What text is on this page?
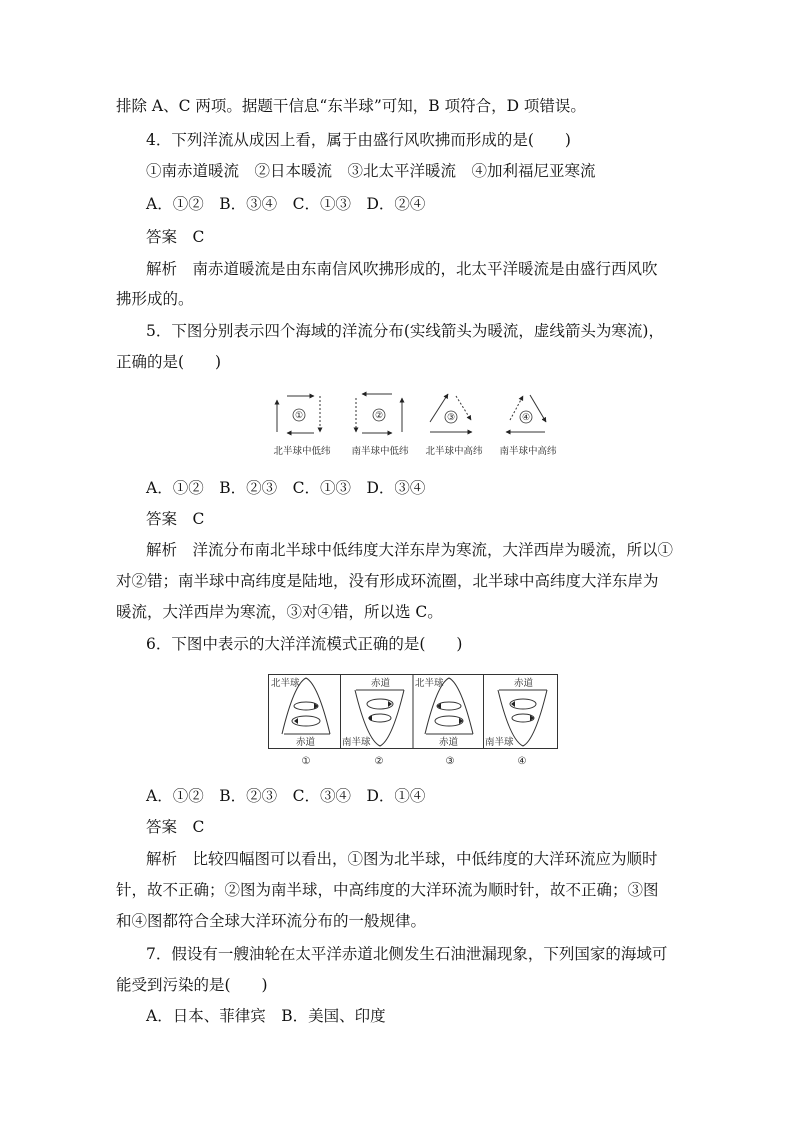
排除 A、C 两项。据题干信息“东半球”可知，B 项符合，D 项错误。
4．下列洋流从成因上看，属于由盛行风吹拂而形成的是(　　)
①南赤道暖流　②日本暖流　③北太平洋暖流　④加利福尼亚寒流
A．①②　B．③④　C．①③　D．②④
答案　C
解析　南赤道暖流是由东南信风吹拂形成的，北太平洋暖流是由盛行西风吹
拂形成的。
5．下图分别表示四个海域的洋流分布(实线箭头为暖流，虚线箭头为寒流)，
正确的是(　　)
①	②	③	④
北半球中低纬 南半球中低纬 北半球中高纬 南半球中高纬
A．①②　B．②③　C．①③　D．③④
答案　C
解析　洋流分布南北半球中低纬度大洋东岸为寒流，大洋西岸为暖流，所以①
对②错；南半球中高纬度是陆地，没有形成环流圈，北半球中高纬度大洋东岸为
暖流，大洋西岸为寒流，③对④错，所以选 C。
6．下图中表示的大洋洋流模式正确的是(　　)
北半球
赤道
赤道
南半球
北半球
赤道
赤道
南半球
①	②	③	④
A．①②　B．②③　C．③④　D．①④
答案　C
解析　比较四幅图可以看出，①图为北半球，中低纬度的大洋环流应为顺时
针，故不正确；②图为南半球，中高纬度的大洋环流为顺时针，故不正确；③图
和④图都符合全球大洋环流分布的一般规律。
7．假设有一艘油轮在太平洋赤道北侧发生石油泄漏现象，下列国家的海域可
能受到污染的是(　　)
A．日本、菲律宾　B．美国、印度
